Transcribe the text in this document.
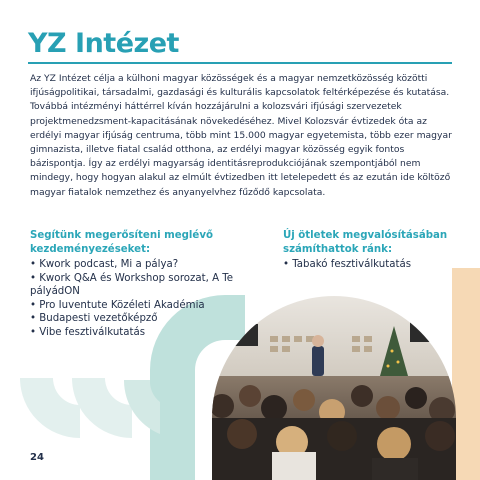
YZ Intézet

Az YZ Intézet célja a külhoni magyar közösségek és a magyar nemzetközösség közötti ifjúságpolitikai, társadalmi, gazdasági és kulturális kapcsolatok feltérképezése és kutatása. Továbbá intézményi háttérrel kíván hozzájárulni a kolozsvári ifjúsági szervezetek projektmenedzsment-kapacitásának növekedéséhez. Mivel Kolozsvár évtizedek óta az erdélyi magyar ifjúság centruma, több mint 15.000 magyar egyetemista, több ezer magyar gimnazista, illetve fiatal család otthona, az erdélyi magyar közösség egyik fontos bázispontja. Így az erdélyi magyarság identitásreprodukciójának szempontjából nem mindegy, hogy hogyan alakul az elmúlt évtizedben itt letelepedett és az ezután ide költöző magyar fiatalok nemzethez és anyanyelvhez fűződő kapcsolata.

Segítünk megerősíteni meglévő kezdeményezéseket:
• Kwork podcast, Mi a pálya?
• Kwork Q&A és Workshop sorozat, A Te pályádON
• Pro Iuventute Közéleti Akadémia
• Budapesti vezetőképző
• Vibe fesztiválkutatás
Új ötletek megvalósításában számíthattok ránk:
• Tabakó fesztiválkutatás
24
